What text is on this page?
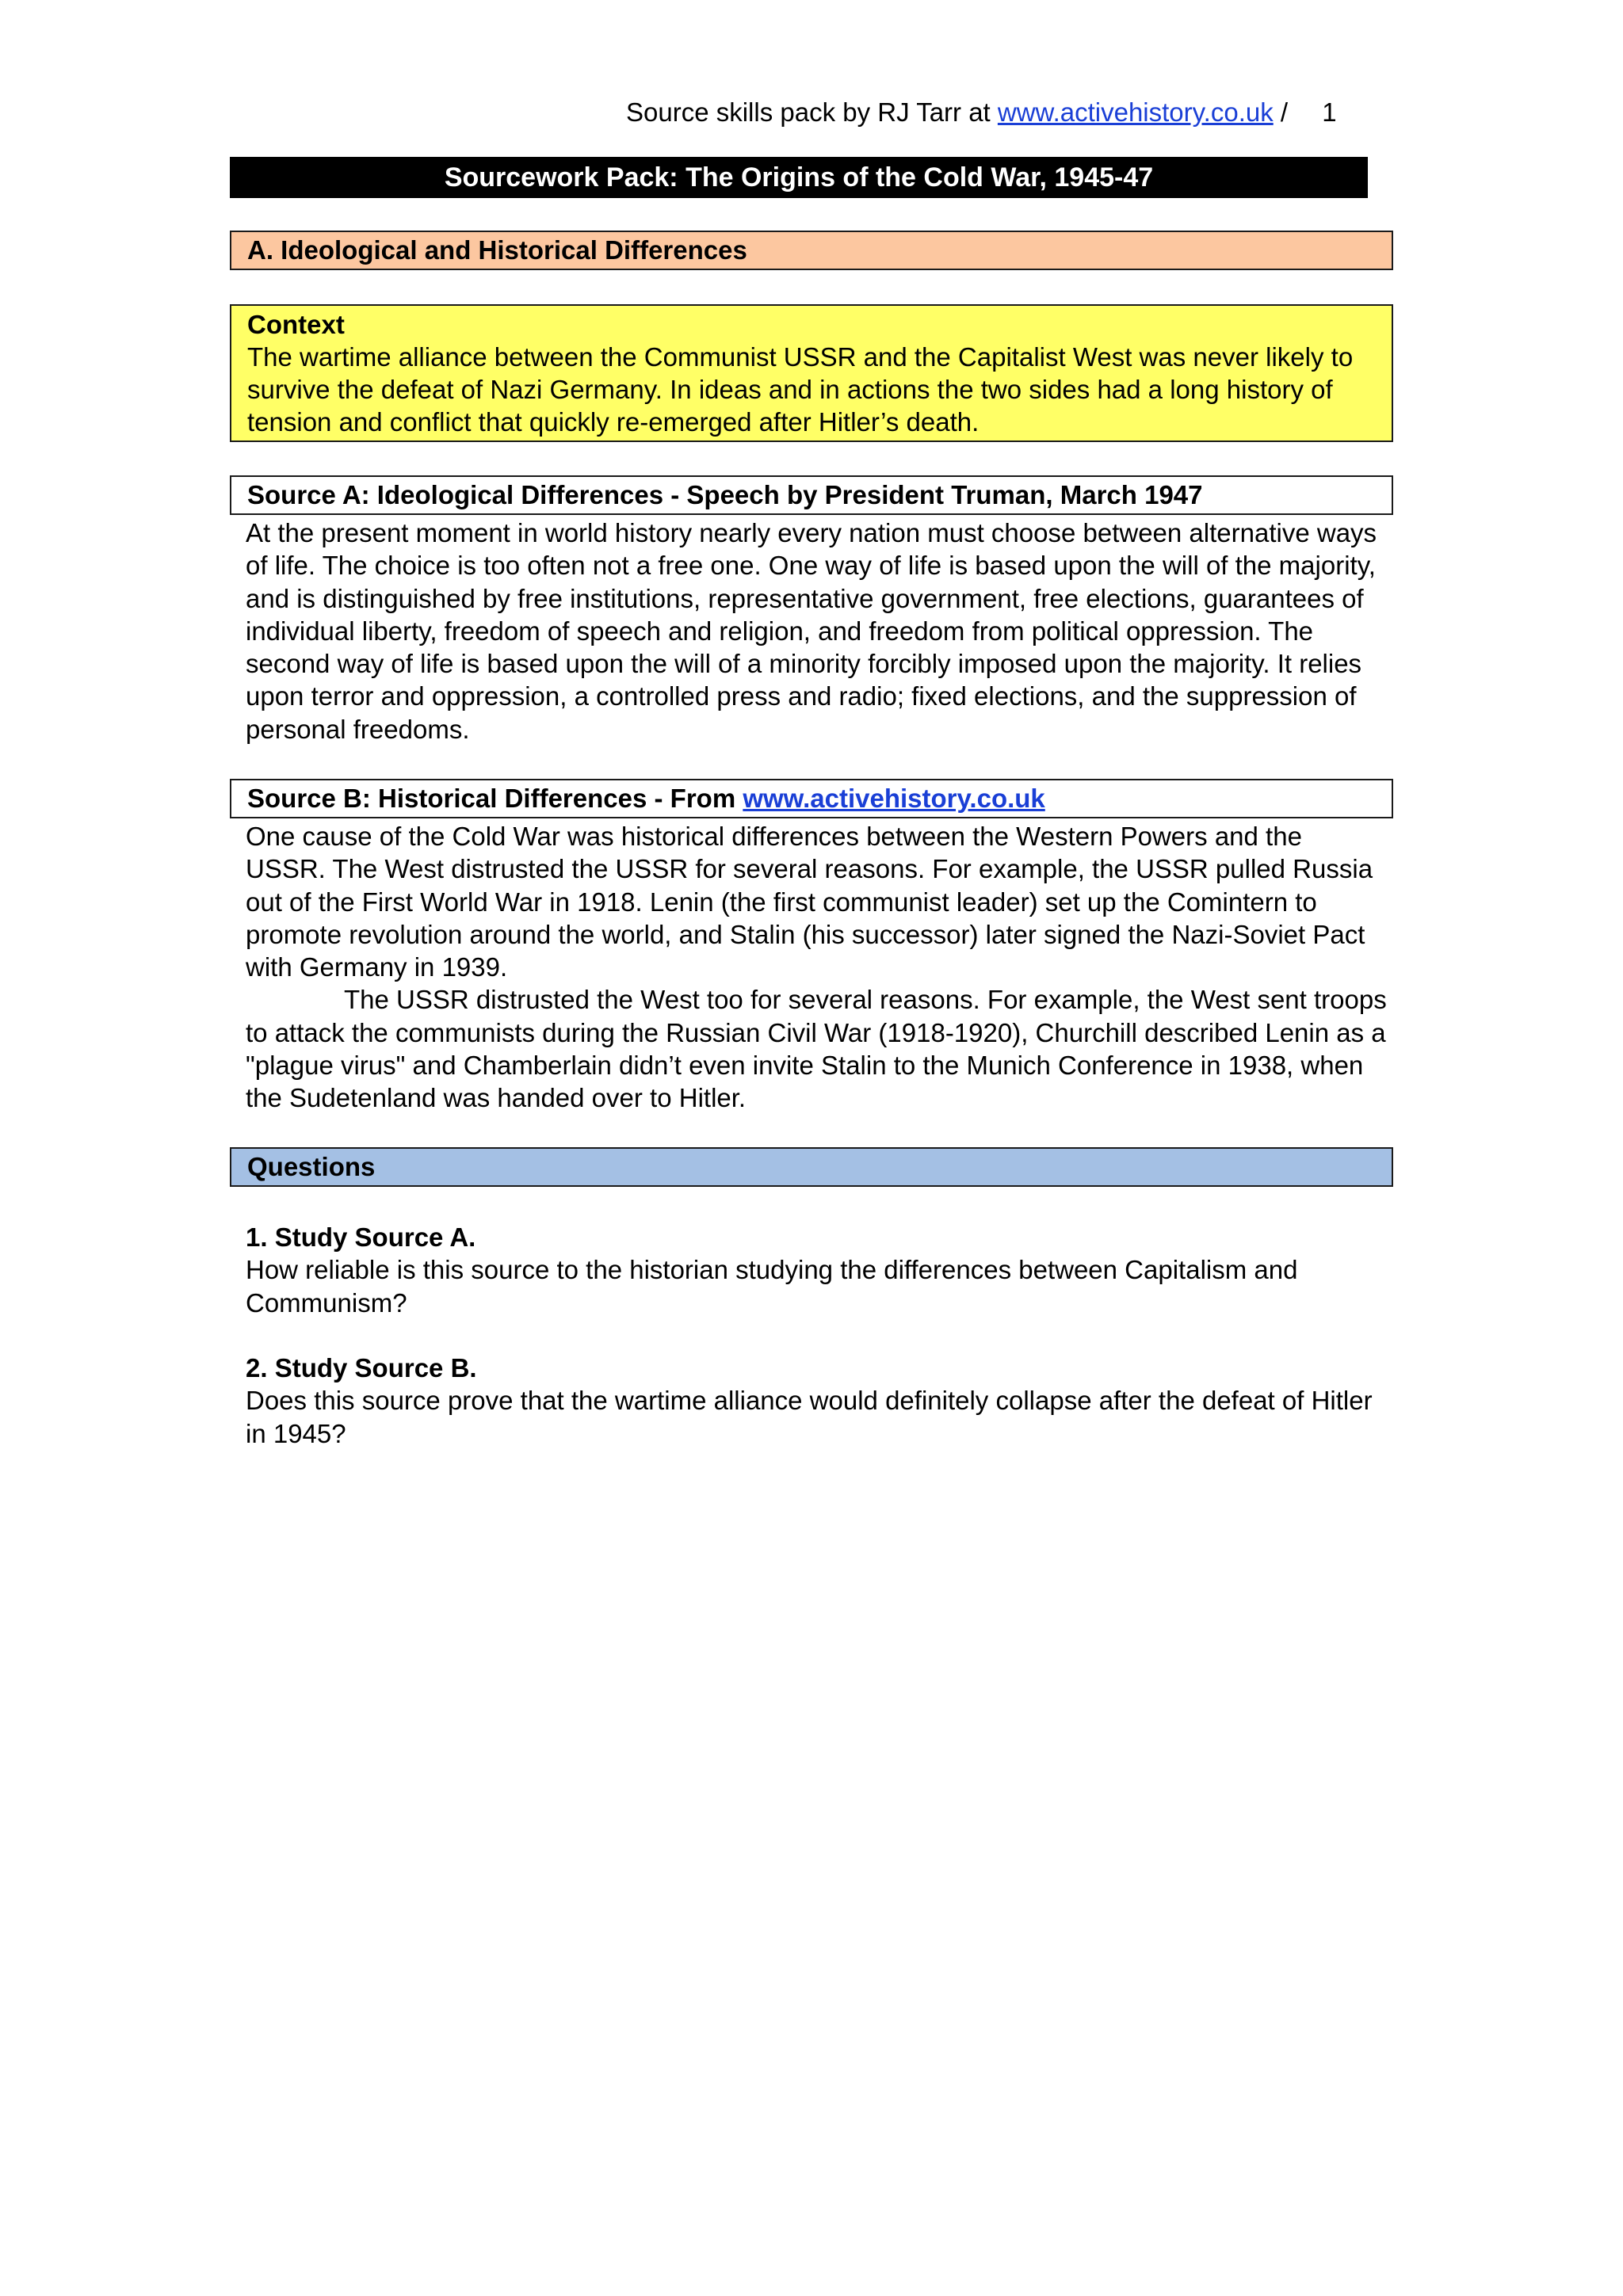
Source skills pack by RJ Tarr at www.activehistory.co.uk / 1
Sourcework Pack: The Origins of the Cold War, 1945-47
A. Ideological and Historical Differences
Context
The wartime alliance between the Communist USSR and the Capitalist West was never likely to survive the defeat of Nazi Germany. In ideas and in actions the two sides had a long history of tension and conflict that quickly re-emerged after Hitler’s death.
Source A: Ideological Differences - Speech by President Truman, March 1947
At the present moment in world history nearly every nation must choose between alternative ways of life. The choice is too often not a free one. One way of life is based upon the will of the majority, and is distinguished by free institutions, representative government, free elections, guarantees of individual liberty, freedom of speech and religion, and freedom from political oppression. The second way of life is based upon the will of a minority forcibly imposed upon the majority. It relies upon terror and oppression, a controlled press and radio; fixed elections, and the suppression of personal freedoms.
Source B: Historical Differences - From www.activehistory.co.uk
One cause of the Cold War was historical differences between the Western Powers and the USSR. The West distrusted the USSR for several reasons. For example, the USSR pulled Russia out of the First World War in 1918. Lenin (the first communist leader) set up the Comintern to promote revolution around the world, and Stalin (his successor) later signed the Nazi-Soviet Pact with Germany in 1939.
The USSR distrusted the West too for several reasons. For example, the West sent troops to attack the communists during the Russian Civil War (1918-1920), Churchill described Lenin as a "plague virus" and Chamberlain didn’t even invite Stalin to the Munich Conference in 1938, when the Sudetenland was handed over to Hitler.
Questions
1. Study Source A.
How reliable is this source to the historian studying the differences between Capitalism and Communism?
2. Study Source B.
Does this source prove that the wartime alliance would definitely collapse after the defeat of Hitler in 1945?
